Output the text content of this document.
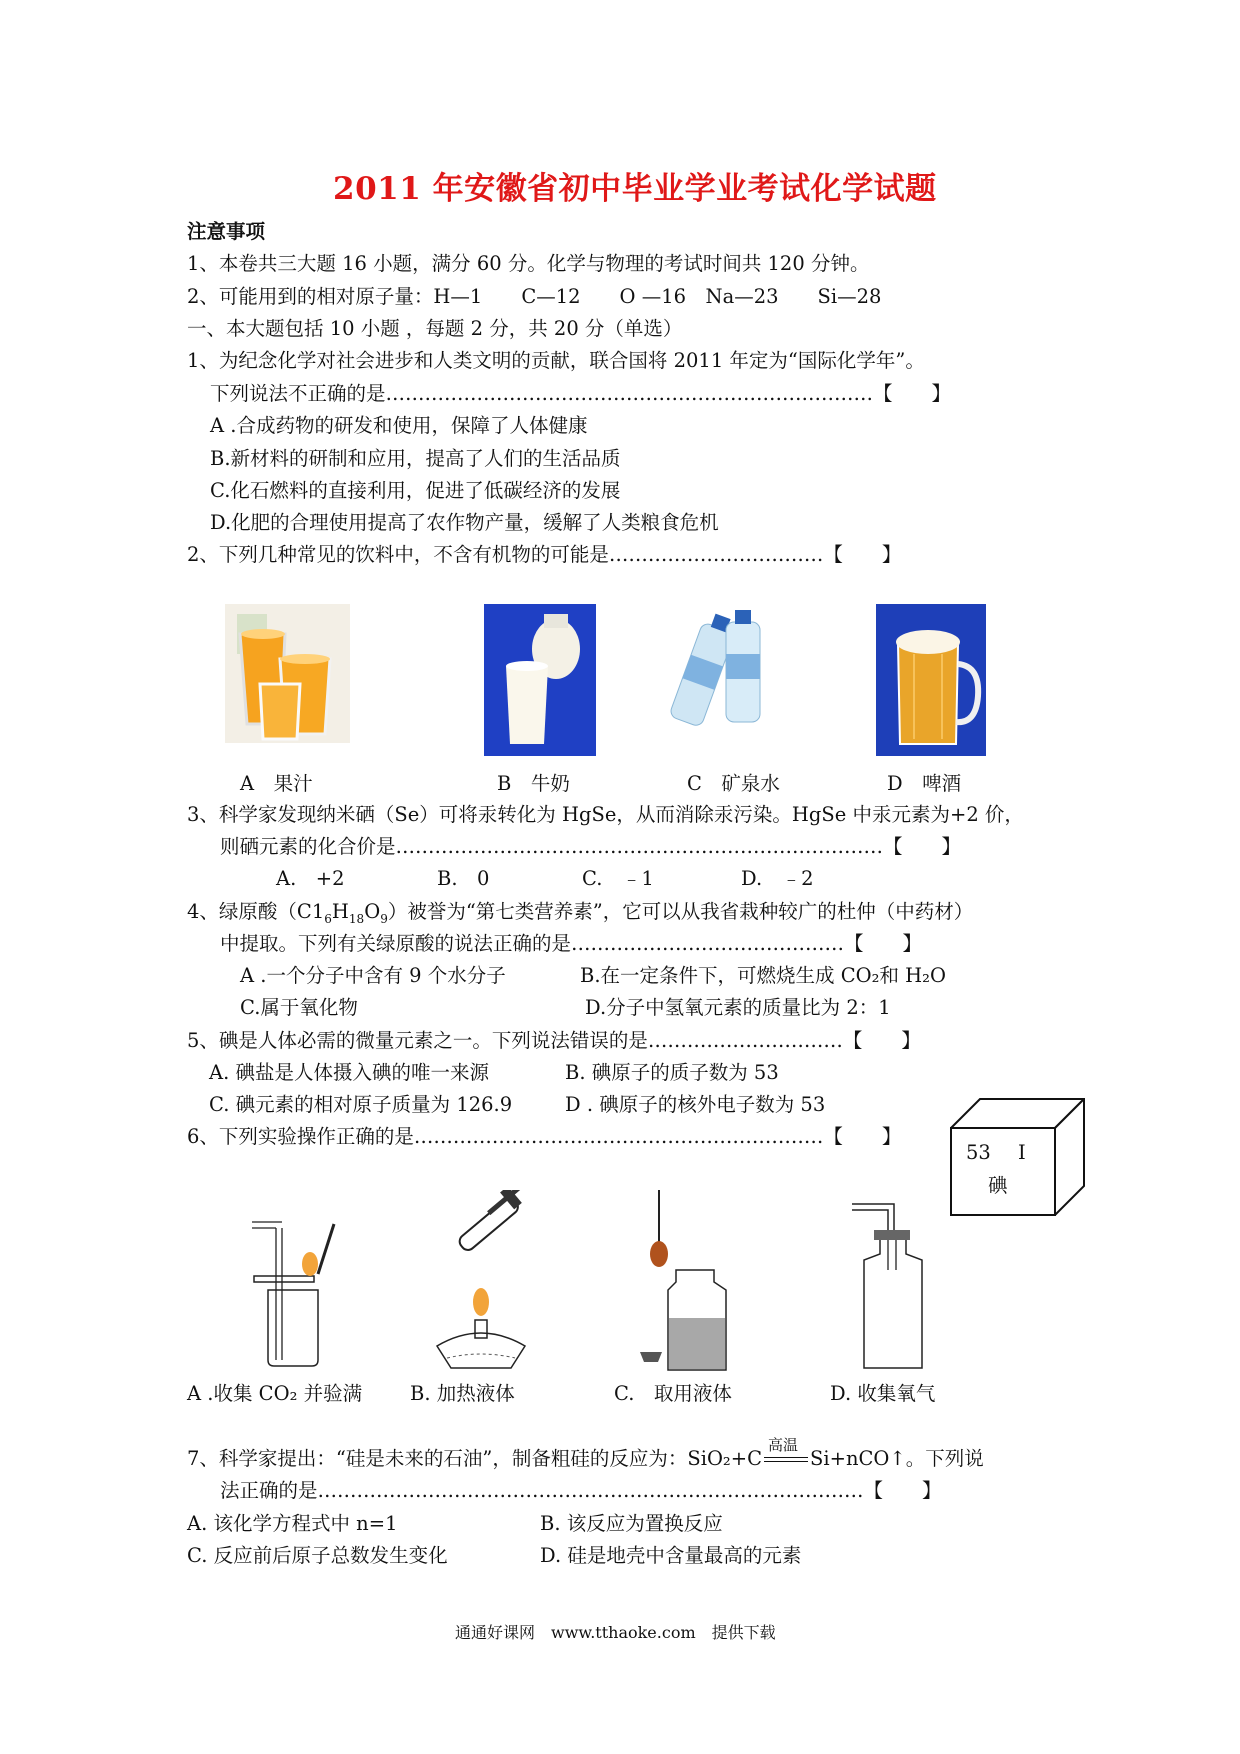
2011 年安徽省初中毕业学业考试化学试题
注意事项
1、本卷共三大题 16 小题，满分 60 分。化学与物理的考试时间共 120 分钟。
2、可能用到的相对原子量：H—1　　C—12　　O —16　Na—23　　Si—28
一、本大题包括 10 小题 ，每题 2 分，共 20 分（单选）
1、为纪念化学对社会进步和人类文明的贡献，联合国将 2011 年定为“国际化学年”。
下列说法不正确的是…………………………………………………………………【　　】
A .合成药物的研发和使用，保障了人体健康
B.新材料的研制和应用，提高了人们的生活品质
C.化石燃料的直接利用，促进了低碳经济的发展
D.化肥的合理使用提高了农作物产量，缓解了人类粮食危机
2、下列几种常见的饮料中，不含有机物的可能是……………………………【　　】
A　果汁	B　牛奶	C　矿泉水	D　啤酒
3、科学家发现纳米硒（Se）可将汞转化为 HgSe，从而消除汞污染。HgSe 中汞元素为+2 价，
则硒元素的化合价是…………………………………………………………………【　　】
A.　+2	B.　0	C.　﹣1	D.　﹣2
4、绿原酸$(C1_6H_{18}O_9)$被誉为“第七类营养素”，它可以从我省栽种较广的杜仲（中药材）
中提取。下列有关绿原酸的说法正确的是……………………………………【　　】
A .一个分子中含有 9 个水分子	B.在一定条件下，可燃烧生成 CO₂和 H₂O
C.属于氧化物	D.分子中氢氧元素的质量比为 2：1
5、碘是人体必需的微量元素之一。下列说法错误的是…………………………【　　】
A. 碘盐是人体摄入碘的唯一来源	B. 碘原子的质子数为 53
C. 碘元素的相对原子质量为 126.9	D . 碘原子的核外电子数为 53
53 I
碘
6、下列实验操作正确的是………………………………………………………【　　】
A .收集 CO₂ 并验满 B. 加热液体	C.　取用液体	D. 收集氧气
7、科学家提出：“硅是未来的石油”，制备粗硅的反应为：SiO₂+C
高温
Si+nCO↑。下列说
法正确的是…………………………………………………………………………【　　】
A. 该化学方程式中 n=1	B. 该反应为置换反应
C. 反应前后原子总数发生变化	D. 硅是地壳中含量最高的元素
通通好课网　www.tthaoke.com　提供下载
